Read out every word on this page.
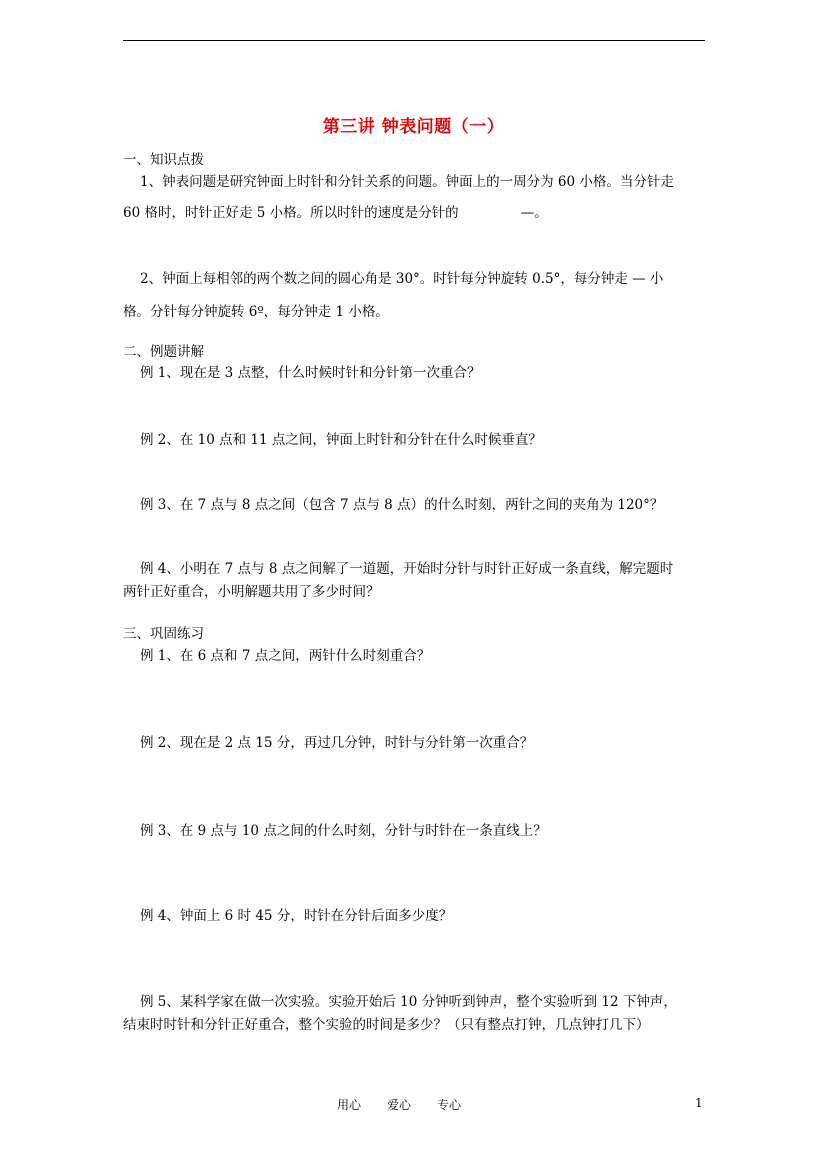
第三讲 钟表问题（一）
一、知识点拨
1、钟表问题是研究钟面上时针和分针关系的问题。钟面上的一周分为 60 小格。当分针走
60 格时，时针正好走 5 小格。所以时针的速度是分针的	—。
2、钟面上每相邻的两个数之间的圆心角是 30°。时针每分钟旋转 0.5°，每分钟走 — 小
格。分针每分钟旋转 6º，每分钟走 1 小格。
二、例题讲解
例 1、现在是 3 点整，什么时候时针和分针第一次重合？
例 2、在 10 点和 11 点之间，钟面上时针和分针在什么时候垂直？
例 3、在 7 点与 8 点之间（包含 7 点与 8 点）的什么时刻，两针之间的夹角为 120°？
例 4、小明在 7 点与 8 点之间解了一道题，开始时分针与时针正好成一条直线，解完题时
两针正好重合，小明解题共用了多少时间？
三、巩固练习
例 1、在 6 点和 7 点之间，两针什么时刻重合？
例 2、现在是 2 点 15 分，再过几分钟，时针与分针第一次重合？
例 3、在 9 点与 10 点之间的什么时刻，分针与时针在一条直线上？
例 4、钟面上 6 时 45 分，时针在分针后面多少度？
例 5、某科学家在做一次实验。实验开始后 10 分钟听到钟声，整个实验听到 12 下钟声，
结束时时针和分针正好重合，整个实验的时间是多少？（只有整点打钟，几点钟打几下）
用心 爱心 专心	1
